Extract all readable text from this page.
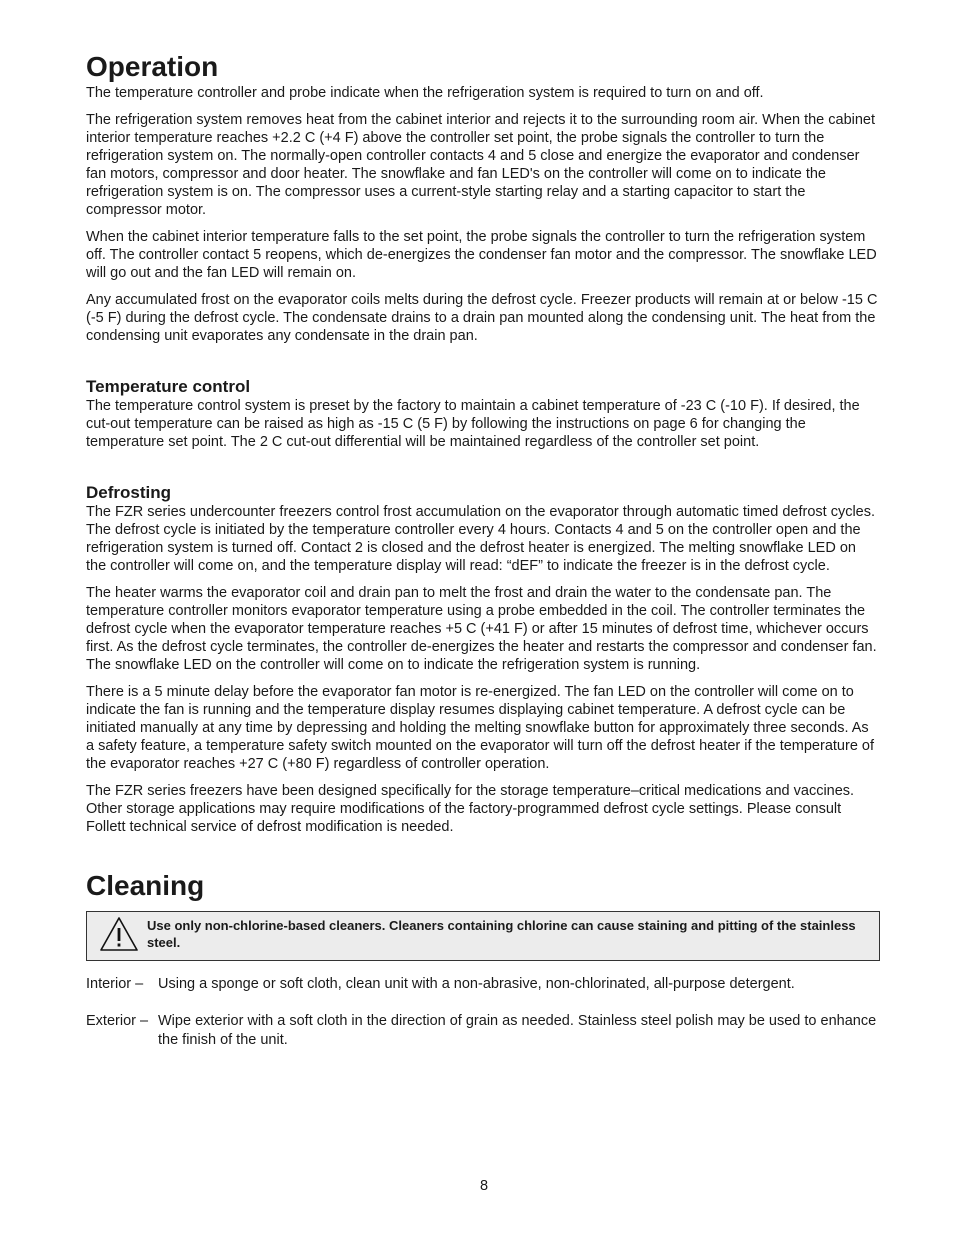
Operation

The temperature controller and probe indicate when the refrigeration system is required to turn on and off.

The refrigeration system removes heat from the cabinet interior and rejects it to the surrounding room air. When the cabinet interior temperature reaches +2.2 C (+4 F) above the controller set point, the probe signals the controller to turn the refrigeration system on. The normally-open controller contacts 4 and 5 close and energize the evaporator and condenser fan motors, compressor and door heater. The snowflake and fan LED's on the controller will come on to indicate the refrigeration system is on. The compressor uses a current-style starting relay and a starting capacitor to start the compressor motor.

When the cabinet interior temperature falls to the set point, the probe signals the controller to turn the refrigeration system off. The controller contact 5 reopens, which de-energizes the condenser fan motor and the compressor. The snowflake LED will go out and the fan LED will remain on.

Any accumulated frost on the evaporator coils melts during the defrost cycle. Freezer products will remain at or below -15 C (-5 F) during the defrost cycle. The condensate drains to a drain pan mounted along the condensing unit. The heat from the condensing unit evaporates any condensate in the drain pan.

Temperature control

The temperature control system is preset by the factory to maintain a cabinet temperature of -23 C (-10 F). If desired, the cut-out temperature can be raised as high as -15 C (5 F) by following the instructions on page 6 for changing the temperature set point. The 2 C cut-out differential will be maintained regardless of the controller set point.

Defrosting

The FZR series undercounter freezers control frost accumulation on the evaporator through automatic timed defrost cycles. The defrost cycle is initiated by the temperature controller every 4 hours. Contacts 4 and 5 on the controller open and the refrigeration system is turned off. Contact 2 is closed and the defrost heater is energized. The melting snowflake LED on the controller will come on, and the temperature display will read: “dEF” to indicate the freezer is in the defrost cycle.

The heater warms the evaporator coil and drain pan to melt the frost and drain the water to the condensate pan. The temperature controller monitors evaporator temperature using a probe embedded in the coil. The controller terminates the defrost cycle when the evaporator temperature reaches +5 C (+41 F) or after 15 minutes of defrost time, whichever occurs first. As the defrost cycle terminates, the controller de-energizes the heater and restarts the compressor and condenser fan. The snowflake LED on the controller will come on to indicate the refrigeration system is running.

There is a 5 minute delay before the evaporator fan motor is re-energized. The fan LED on the controller will come on to indicate the fan is running and the temperature display resumes displaying cabinet temperature. A defrost cycle can be initiated manually at any time by depressing and holding the melting snowflake button for approximately three seconds. As a safety feature, a temperature safety switch mounted on the evaporator will turn off the defrost heater if the temperature of the evaporator reaches +27 C (+80 F) regardless of controller operation.

The FZR series freezers have been designed specifically for the storage temperature–critical medications and vaccines. Other storage applications may require modifications of the factory-programmed defrost cycle settings. Please consult Follett technical service of defrost modification is needed.

Cleaning
Use only non-chlorine-based cleaners. Cleaners containing chlorine can cause staining and pitting of the stainless steel.
Interior –	Using a sponge or soft cloth, clean unit with a non-abrasive, non-chlorinated, all-purpose detergent.
Exterior – Wipe exterior with a soft cloth in the direction of grain as needed. Stainless steel polish may be used to enhance the finish of the unit.
8
